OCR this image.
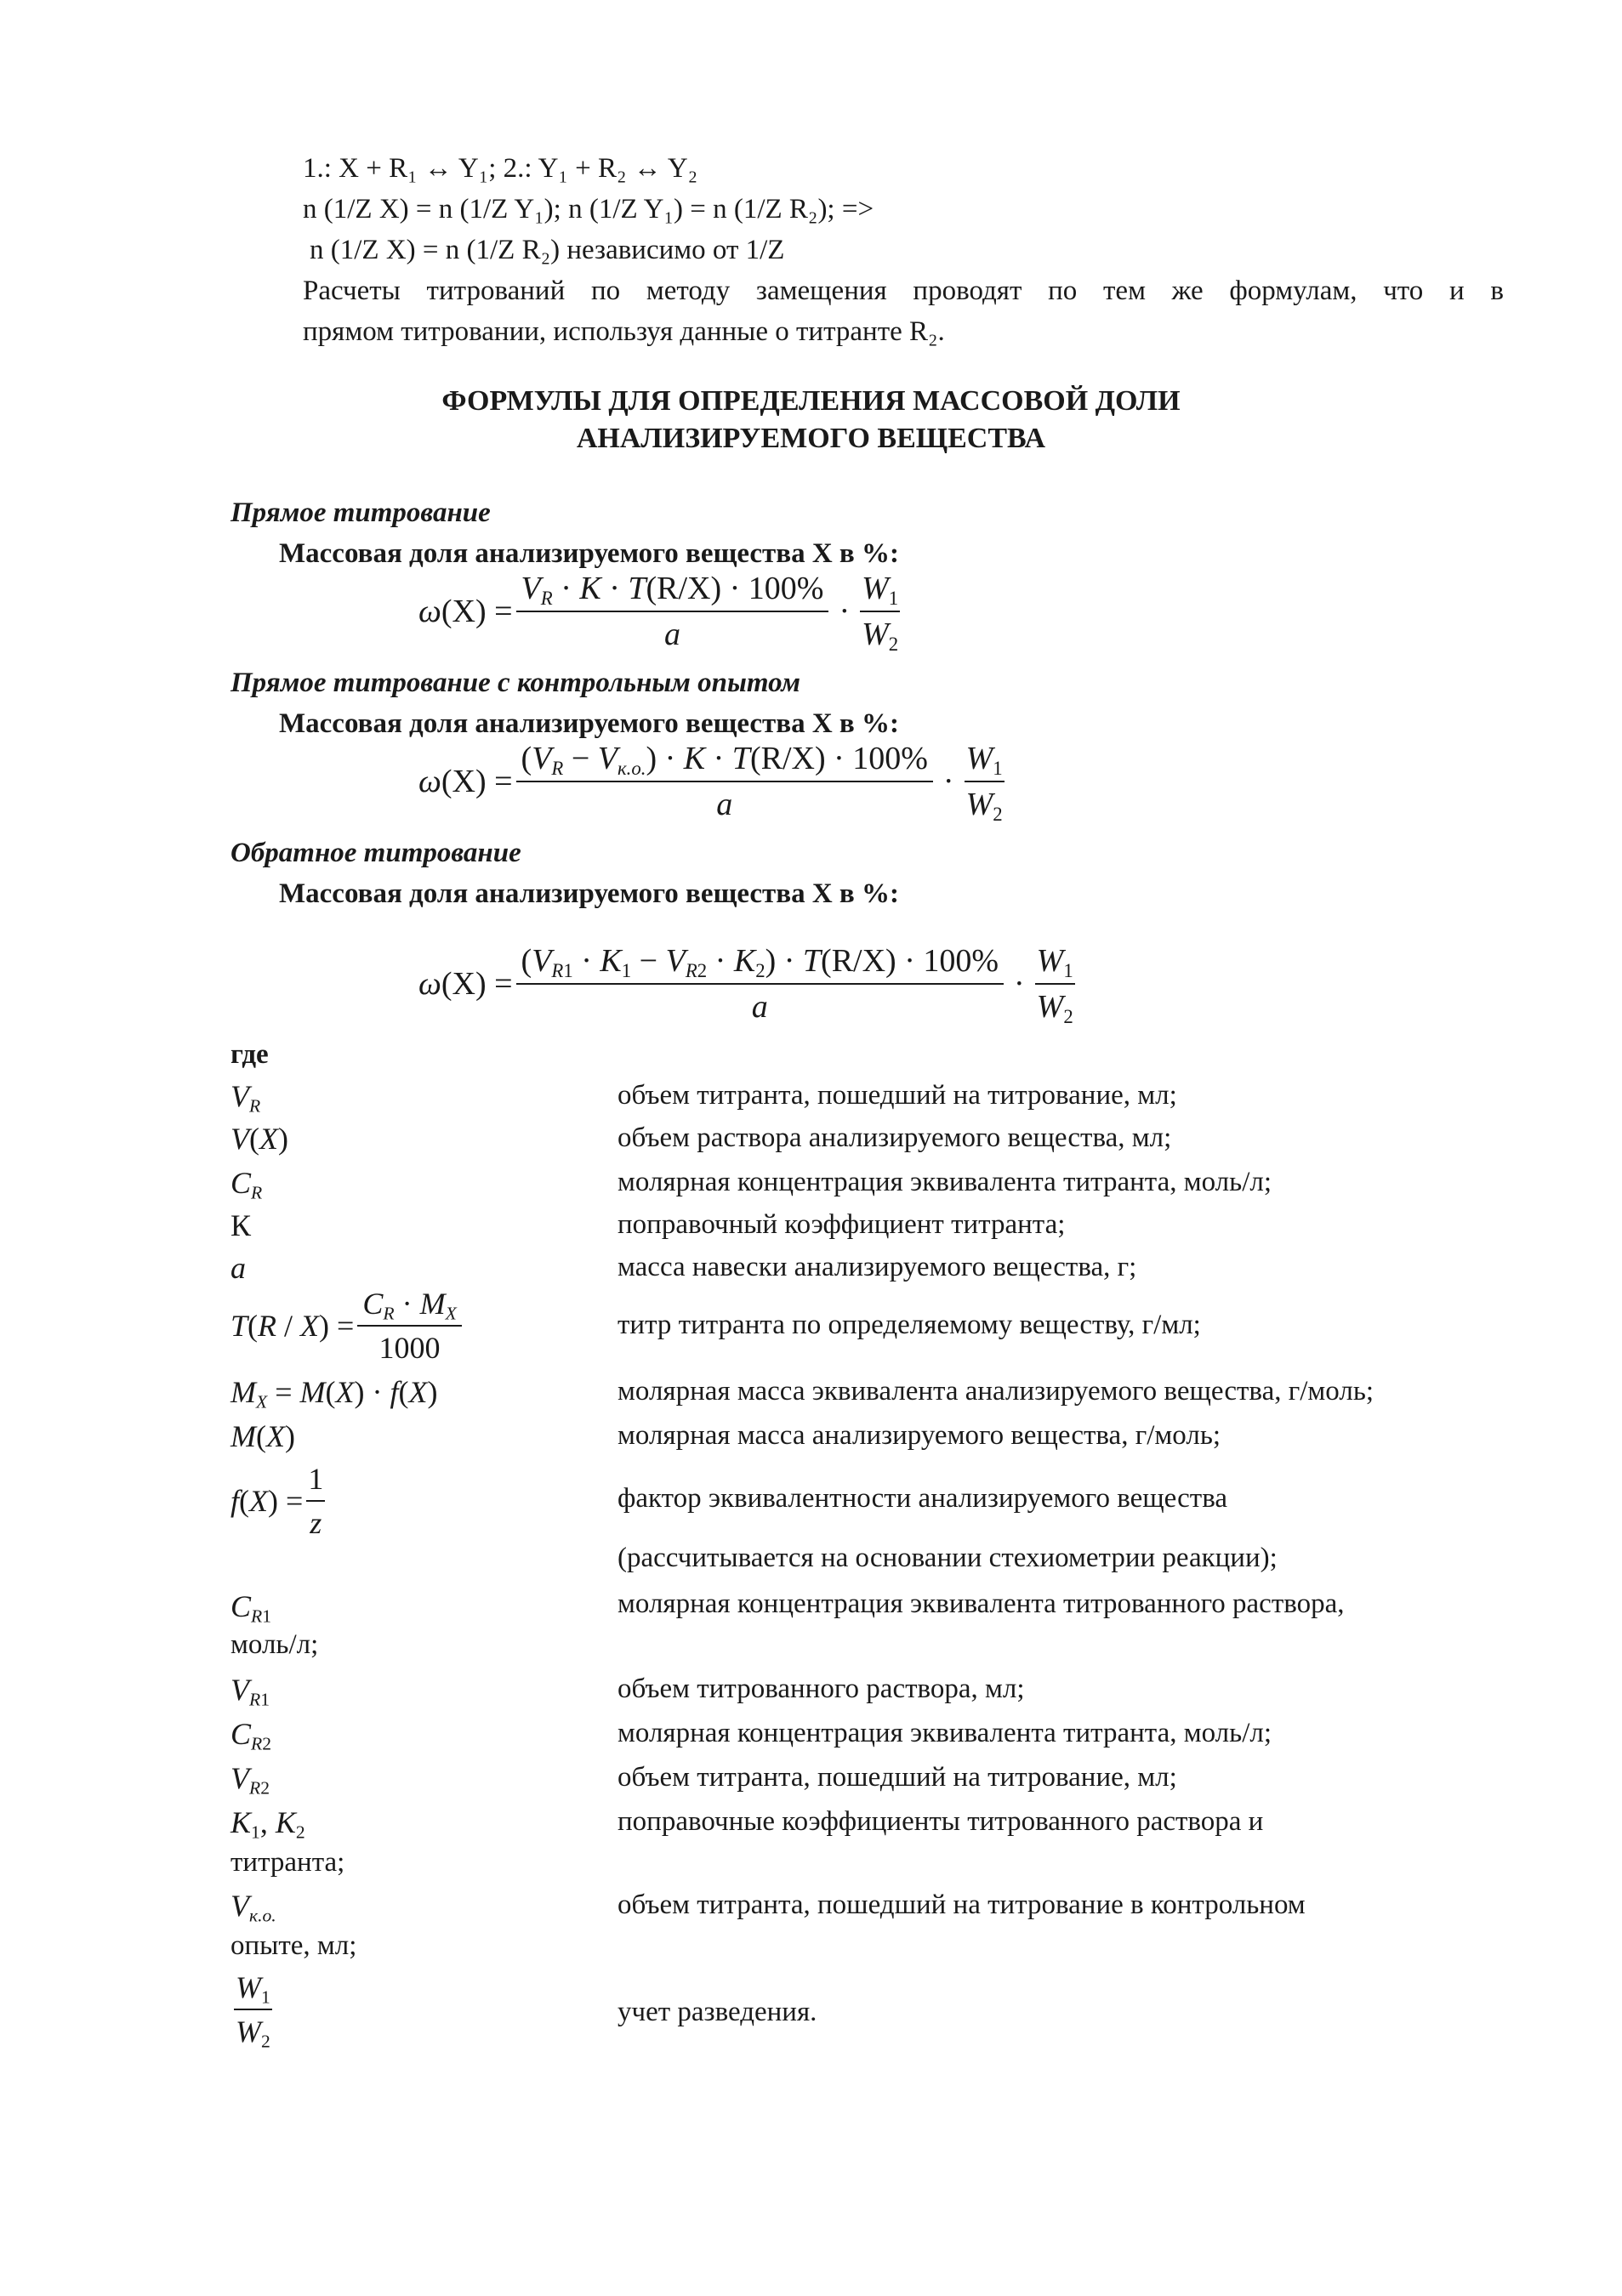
1.: X + R₁ ↔ Y₁; 2.: Y₁ + R₂ ↔ Y₂
n (1/Z X) = n (1/Z Y₁); n (1/Z Y₁) = n (1/Z R₂); =>
n (1/Z X) = n (1/Z R₂) независимо от 1/Z
Расчеты титрований по методу замещения проводят по тем же формулам, что и в
прямом титровании, используя данные о титранте R₂.
ФОРМУЛЫ ДЛЯ ОПРЕДЕЛЕНИЯ МАССОВОЙ ДОЛИ
АНАЛИЗИРУЕМОГО ВЕЩЕСТВА
Прямое титрование
Массовая доля анализируемого вещества X в %:
$\omega(X) = \frac{V_R \cdot K \cdot T(R/X) \cdot 100\%}{a} \cdot \frac{W_1}{W_2}$
Прямое титрование с контрольным опытом
Массовая доля анализируемого вещества X в %:
$\omega(X) = \frac{(V_R - V_{к.о.}) \cdot K \cdot T(R/X) \cdot 100\%}{a} \cdot \frac{W_1}{W_2}$
Обратное титрование
Массовая доля анализируемого вещества X в %:
$\omega(X) = \frac{(V_{R1} \cdot K_1 - V_{R2} \cdot K_2) \cdot T(R/X) \cdot 100\%}{a} \cdot \frac{W_1}{W_2}$
где
$V_R$	объем титранта, пошедший на титрование, мл;
V(X)	объем раствора анализируемого вещества, мл;
$C_R$	молярная концентрация эквивалента титранта, моль/л;
К	поправочный коэффициент титранта;
a	масса навески анализируемого вещества, г;
$T(R / X) = \frac{C_R \cdot M_X}{1000}$	титр титранта по определяемому веществу, г/мл;
$M_X = M(X) \cdot f(X)$	молярная масса эквивалента анализируемого вещества, г/моль;
M(X)	молярная масса анализируемого вещества, г/моль;
$f(X) = \frac{1}{z}$	фактор эквивалентности анализируемого вещества
(рассчитывается на основании стехиометрии реакции);
$C_{R1}$	молярная концентрация эквивалента титрованного раствора,
моль/л;
$V_{R1}$	объем титрованного раствора, мл;
$C_{R2}$	молярная концентрация эквивалента титранта, моль/л;
$V_{R2}$	объем титранта, пошедший на титрование, мл;
$K_1$, $K_2$	поправочные коэффициенты титрованного раствора и
титранта;
$V_{к.о.}$	объем титранта, пошедший на титрование в контрольном
опыте, мл;
$\frac{W_1}{W_2}$	учет разведения.
